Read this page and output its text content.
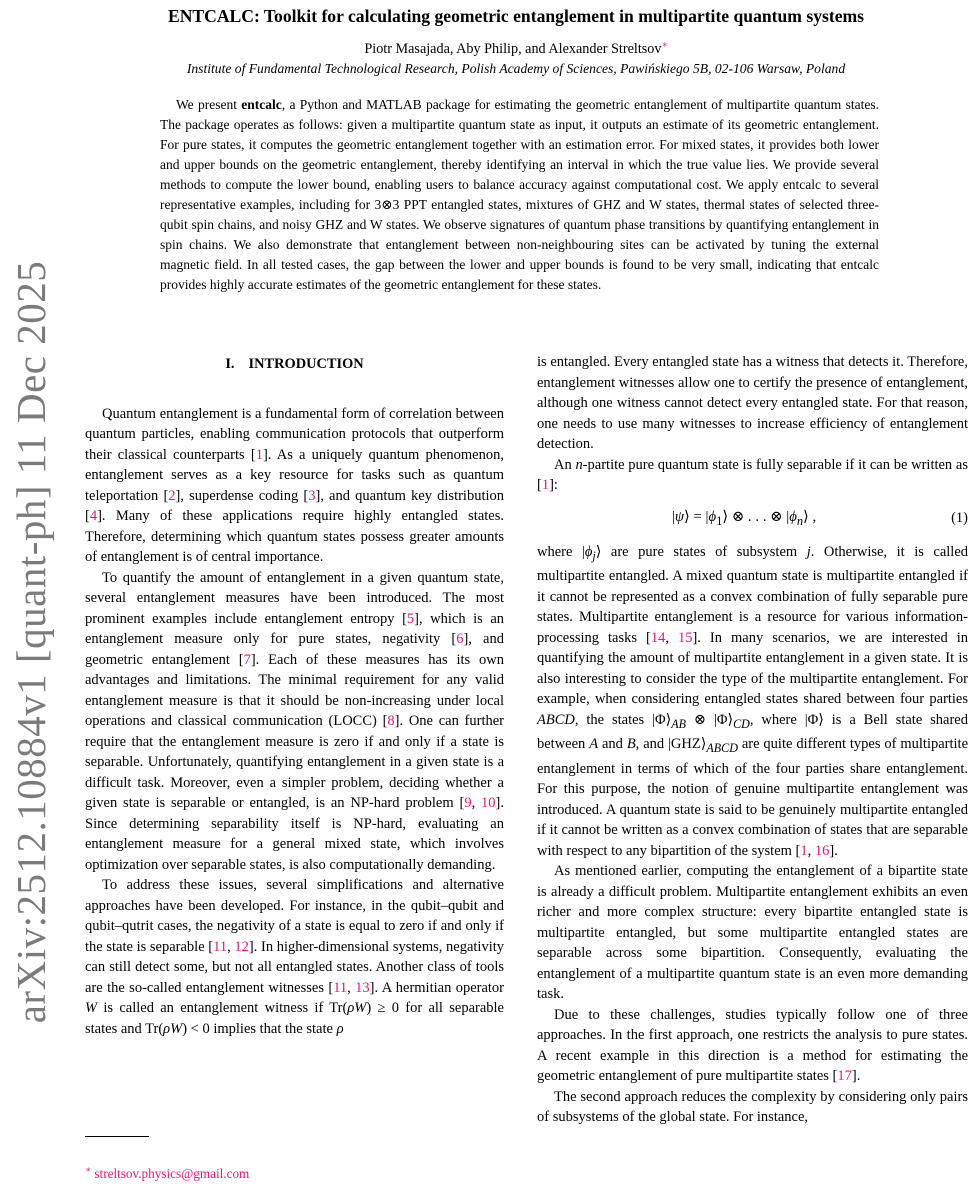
arXiv:2512.10884v1 [quant-ph] 11 Dec 2025
ENTCALC: Toolkit for calculating geometric entanglement in multipartite quantum systems
Piotr Masajada, Aby Philip, and Alexander Streltsov∗
Institute of Fundamental Technological Research, Polish Academy of Sciences, Pawińskiego 5B, 02-106 Warsaw, Poland
We present entcalc, a Python and MATLAB package for estimating the geometric entanglement of multipartite quantum states. The package operates as follows: given a multipartite quantum state as input, it outputs an estimate of its geometric entanglement. For pure states, it computes the geometric entanglement together with an estimation error. For mixed states, it provides both lower and upper bounds on the geometric entanglement, thereby identifying an interval in which the true value lies. We provide several methods to compute the lower bound, enabling users to balance accuracy against computational cost. We apply entcalc to several representative examples, including for 3⊗3 PPT entangled states, mixtures of GHZ and W states, thermal states of selected three-qubit spin chains, and noisy GHZ and W states. We observe signatures of quantum phase transitions by quantifying entanglement in spin chains. We also demonstrate that entanglement between non-neighbouring sites can be activated by tuning the external magnetic field. In all tested cases, the gap between the lower and upper bounds is found to be very small, indicating that entcalc provides highly accurate estimates of the geometric entanglement for these states.
I. INTRODUCTION

Quantum entanglement is a fundamental form of correlation between quantum particles, enabling communication protocols that outperform their classical counterparts [1]. As a uniquely quantum phenomenon, entanglement serves as a key resource for tasks such as quantum teleportation [2], superdense coding [3], and quantum key distribution [4]. Many of these applications require highly entangled states. Therefore, determining which quantum states possess greater amounts of entanglement is of central importance.

To quantify the amount of entanglement in a given quantum state, several entanglement measures have been introduced. The most prominent examples include entanglement entropy [5], which is an entanglement measure only for pure states, negativity [6], and geometric entanglement [7]. Each of these measures has its own advantages and limitations. The minimal requirement for any valid entanglement measure is that it should be non-increasing under local operations and classical communication (LOCC) [8]. One can further require that the entanglement measure is zero if and only if a state is separable. Unfortunately, quantifying entanglement in a given state is a difficult task. Moreover, even a simpler problem, deciding whether a given state is separable or entangled, is an NP-hard problem [9, 10]. Since determining separability itself is NP-hard, evaluating an entanglement measure for a general mixed state, which involves optimization over separable states, is also computationally demanding.

To address these issues, several simplifications and alternative approaches have been developed. For instance, in the qubit–qubit and qubit–qutrit cases, the negativity of a state is equal to zero if and only if the state is separable [11, 12]. In higher-dimensional systems, negativity can still detect some, but not all entangled states. Another class of tools are the so-called entanglement witnesses [11, 13]. A hermitian operator W is called an entanglement witness if Tr(ρW) ≥ 0 for all separable states and Tr(ρW) < 0 implies that the state ρ

is entangled. Every entangled state has a witness that detects it. Therefore, entanglement witnesses allow one to certify the presence of entanglement, although one witness cannot detect every entangled state. For that reason, one needs to use many witnesses to increase efficiency of entanglement detection.

An n-partite pure quantum state is fully separable if it can be written as [1]:

|ψ⟩ = $|\phi_1⟩$ ⊗ . . . ⊗ $|\phi_n⟩$ ,	(1)

where $|\phi_j⟩$ are pure states of subsystem j. Otherwise, it is called multipartite entangled. A mixed quantum state is multipartite entangled if it cannot be represented as a convex combination of fully separable pure states. Multipartite entanglement is a resource for various information-processing tasks [14, 15]. In many scenarios, we are interested in quantifying the amount of multipartite entanglement in a given state. It is also interesting to consider the type of the multipartite entanglement. For example, when considering entangled states shared between four parties ABCD, the states $|\Phi⟩_{AB}$ ⊗ $|\Phi⟩_{CD}$, where |Φ⟩ is a Bell state shared between A and B, and $|GHZ⟩_{ABCD}$ are quite different types of multipartite entanglement in terms of which of the four parties share entanglement. For this purpose, the notion of genuine multipartite entanglement was introduced. A quantum state is said to be genuinely multipartite entangled if it cannot be written as a convex combination of states that are separable with respect to any bipartition of the system [1, 16].

As mentioned earlier, computing the entanglement of a bipartite state is already a difficult problem. Multipartite entanglement exhibits an even richer and more complex structure: every bipartite entangled state is multipartite entangled, but some multipartite entangled states are separable across some bipartition. Consequently, evaluating the entanglement of a multipartite quantum state is an even more demanding task.

Due to these challenges, studies typically follow one of three approaches. In the first approach, one restricts the analysis to pure states. A recent example in this direction is a method for estimating the geometric entanglement of pure multipartite states [17].

The second approach reduces the complexity by considering only pairs of subsystems of the global state. For instance,

∗ streltsov.physics@gmail.com
